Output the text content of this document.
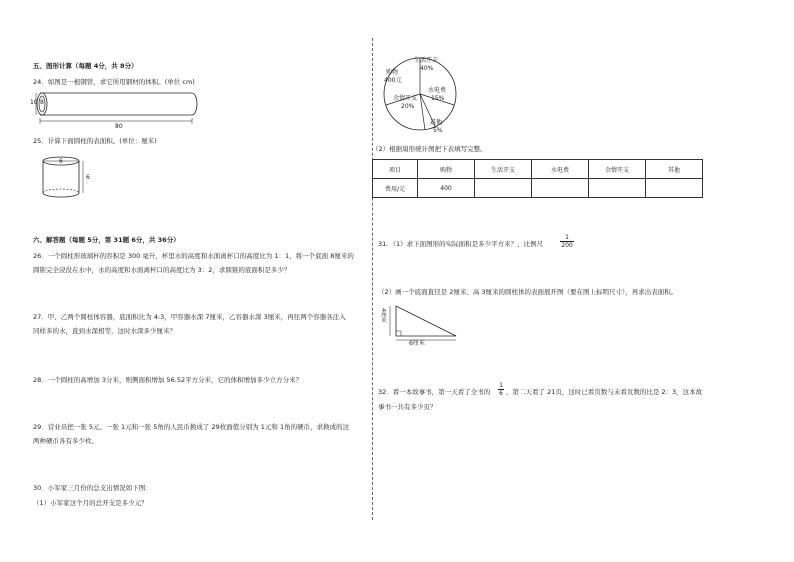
五、图形计算（每题 4分，共 8分）
24．如图是一根钢管，求它所用钢材的体积。(单位 cm)
10 8
80
25．计算下面圆柱的表面积。(单位：厘米)
6
6
六、解答题（每题 5分，第 31题 6分，共 36分）
26．一个圆柱形玻璃杯的容积是 300 毫升，杯里水的高度和水面离杯口的高度比为 1：1，将一个底面 8厘米的
圆锥完全浸没在水中，水的高度和水面离杯口的高度比为 3：2，求圆锥的底面积是多少？
27．甲、乙两个圆柱体容器，底面积比为 4:3，甲容器水深 7厘米，乙容器水深 3厘米，再往两个容器各注入
同样多的水，直到水深相等，这时水深多少厘米？
28．一个圆柱的高增加 3分米，则侧面积增加 56.52平方分米，它的体积增加多少立方分米？
29．营业员把一张 5元、一张 1元和一张 5角的人民币换成了 29枚面值分别为 1元和 1角的硬币，求换成的这
两种硬币各有多少枚。
30．小军家三月份的总支出情况如下图：
（1）小军家这个月的总开支是多少元？
生活开支
40%
购物
400元
水电费
15%
余情开支
20%
其他
5%
（2）根据扇形统计图把下表填写完整。
项目	购物	生活开支	水电费	余情开支	其他
费用/元	400				
31．（1）求下面图形的实际面积是多少平方米？，比例尺	$\frac{1}{200}$
（2）画一个底面直径是 2厘米、高 3厘米的圆柱体的表面展开图（要在图上标明尺寸），再求出表面积。
4厘米
6厘米
32．看一本故事书，第一天看了全书的 $\frac{1}{6}$ ，第二天看了 21页，这时已看页数与未看页数的比是 2：3，这本故
事书一共有多少页？
